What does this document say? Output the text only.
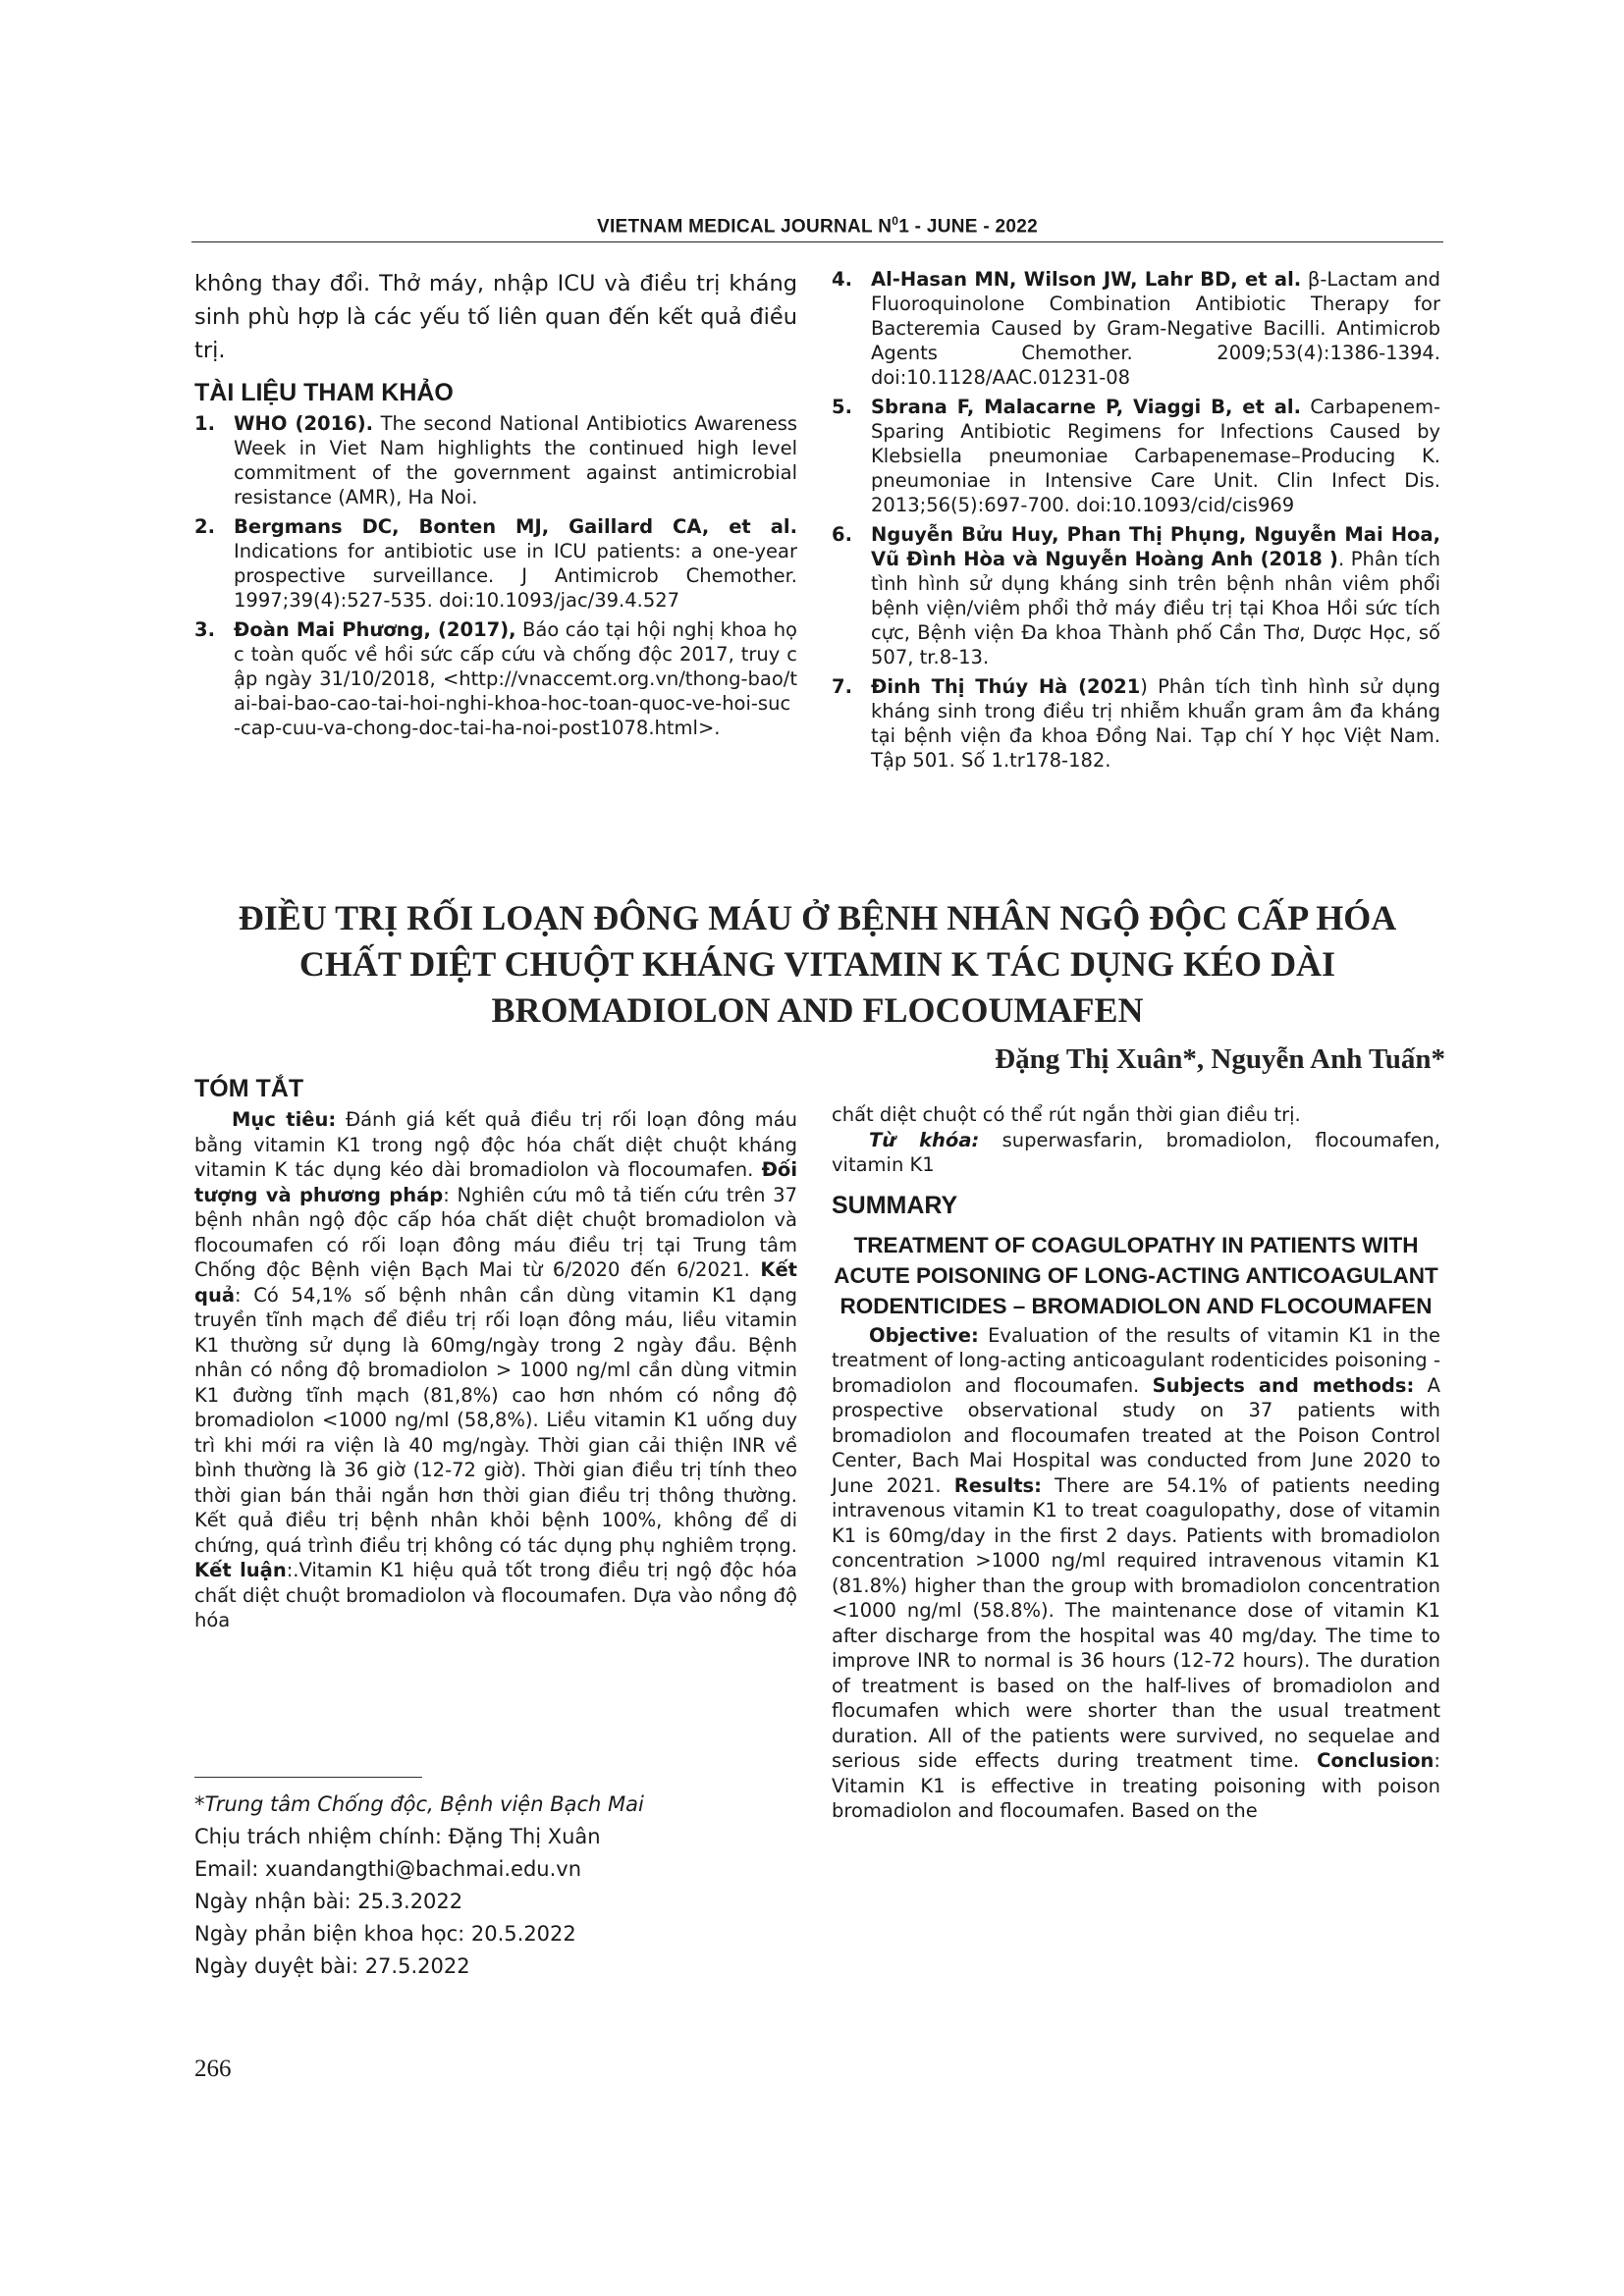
VIETNAM MEDICAL JOURNAL $N^01$ - JUNE - 2022

không thay đổi. Thở máy, nhập ICU và điều trị kháng sinh phù hợp là các yếu tố liên quan đến kết quả điều trị.

TÀI LIỆU THAM KHẢO
1. WHO (2016). The second National Antibiotics Awareness Week in Viet Nam highlights the continued high level commitment of the government against antimicrobial resistance (AMR), Ha Noi.
2. Bergmans DC, Bonten MJ, Gaillard CA, et al. Indications for antibiotic use in ICU patients: a one-year prospective surveillance. J Antimicrob Chemother. 1997;39(4):527-535. doi:10.1093/jac/39.4.527
3. Đoàn Mai Phương, (2017), Báo cáo tại hội nghị khoa học toàn quốc về hồi sức cấp cứu và chống độc 2017, truy cập ngày 31/10/2018, <http://vnaccemt.org.vn/thong-bao/tai-bai-bao-cao-tai-hoi-nghi-khoa-hoc-toan-quoc-ve-hoi-suc-cap-cuu-va-chong-doc-tai-ha-noi-post1078.html>.
4. Al-Hasan MN, Wilson JW, Lahr BD, et al. β-Lactam and Fluoroquinolone Combination Antibiotic Therapy for Bacteremia Caused by Gram-Negative Bacilli. Antimicrob Agents Chemother. 2009;53(4):1386-1394. doi:10.1128/AAC.01231-08
5. Sbrana F, Malacarne P, Viaggi B, et al. Carbapenem-Sparing Antibiotic Regimens for Infections Caused by Klebsiella pneumoniae Carbapenemase–Producing K. pneumoniae in Intensive Care Unit. Clin Infect Dis. 2013;56(5):697-700. doi:10.1093/cid/cis969
6. Nguyễn Bửu Huy, Phan Thị Phụng, Nguyễn Mai Hoa, Vũ Đình Hòa và Nguyễn Hoàng Anh (2018 ). Phân tích tình hình sử dụng kháng sinh trên bệnh nhân viêm phổi bệnh viện/viêm phổi thở máy điều trị tại Khoa Hồi sức tích cực, Bệnh viện Đa khoa Thành phố Cần Thơ, Dược Học, số 507, tr.8-13.
7. Đinh Thị Thúy Hà (2021) Phân tích tình hình sử dụng kháng sinh trong điều trị nhiễm khuẩn gram âm đa kháng tại bệnh viện đa khoa Đồng Nai. Tạp chí Y học Việt Nam. Tập 501. Số 1.tr178-182.
ĐIỀU TRỊ RỐI LOẠN ĐÔNG MÁU Ở BỆNH NHÂN NGỘ ĐỘC CẤP HÓA CHẤT DIỆT CHUỘT KHÁNG VITAMIN K TÁC DỤNG KÉO DÀI BROMADIOLON AND FLOCOUMAFEN
Đặng Thị Xuân*, Nguyễn Anh Tuấn*
TÓM TẮT

Mục tiêu: Đánh giá kết quả điều trị rối loạn đông máu bằng vitamin K1 trong ngộ độc hóa chất diệt chuột kháng vitamin K tác dụng kéo dài bromadiolon và flocoumafen. Đối tượng và phương pháp: Nghiên cứu mô tả tiến cứu trên 37 bệnh nhân ngộ độc cấp hóa chất diệt chuột bromadiolon và flocoumafen có rối loạn đông máu điều trị tại Trung tâm Chống độc Bệnh viện Bạch Mai từ 6/2020 đến 6/2021. Kết quả: Có 54,1% số bệnh nhân cần dùng vitamin K1 dạng truyền tĩnh mạch để điều trị rối loạn đông máu, liều vitamin K1 thường sử dụng là 60mg/ngày trong 2 ngày đầu. Bệnh nhân có nồng độ bromadiolon > 1000 ng/ml cần dùng vitmin K1 đường tĩnh mạch (81,8%) cao hơn nhóm có nồng độ bromadiolon <1000 ng/ml (58,8%). Liều vitamin K1 uống duy trì khi mới ra viện là 40 mg/ngày. Thời gian cải thiện INR về bình thường là 36 giờ (12-72 giờ). Thời gian điều trị tính theo thời gian bán thải ngắn hơn thời gian điều trị thông thường. Kết quả điều trị bệnh nhân khỏi bệnh 100%, không để di chứng, quá trình điều trị không có tác dụng phụ nghiêm trọng. Kết luận:.Vitamin K1 hiệu quả tốt trong điều trị ngộ độc hóa chất diệt chuột bromadiolon và flocoumafen. Dựa vào nồng độ hóa

*Trung tâm Chống độc, Bệnh viện Bạch Mai
Chịu trách nhiệm chính: Đặng Thị Xuân
Email: xuandangthi@bachmai.edu.vn
Ngày nhận bài: 25.3.2022
Ngày phản biện khoa học: 20.5.2022
Ngày duyệt bài: 27.5.2022

chất diệt chuột có thể rút ngắn thời gian điều trị.

Từ khóa: superwasfarin, bromadiolon, flocoumafen, vitamin K1

SUMMARY
TREATMENT OF COAGULOPATHY IN PATIENTS WITH ACUTE POISONING OF LONG-ACTING ANTICOAGULANT RODENTICIDES – BROMADIOLON AND FLOCOUMAFEN

Objective: Evaluation of the results of vitamin K1 in the treatment of long-acting anticoagulant rodenticides poisoning - bromadiolon and flocoumafen. Subjects and methods: A prospective observational study on 37 patients with bromadiolon and flocoumafen treated at the Poison Control Center, Bach Mai Hospital was conducted from June 2020 to June 2021. Results: There are 54.1% of patients needing intravenous vitamin K1 to treat coagulopathy, dose of vitamin K1 is 60mg/day in the first 2 days. Patients with bromadiolon concentration >1000 ng/ml required intravenous vitamin K1 (81.8%) higher than the group with bromadiolon concentration <1000 ng/ml (58.8%). The maintenance dose of vitamin K1 after discharge from the hospital was 40 mg/day. The time to improve INR to normal is 36 hours (12-72 hours). The duration of treatment is based on the half-lives of bromadiolon and flocumafen which were shorter than the usual treatment duration. All of the patients were survived, no sequelae and serious side effects during treatment time. Conclusion: Vitamin K1 is effective in treating poisoning with poison bromadiolon and flocoumafen. Based on the

266
